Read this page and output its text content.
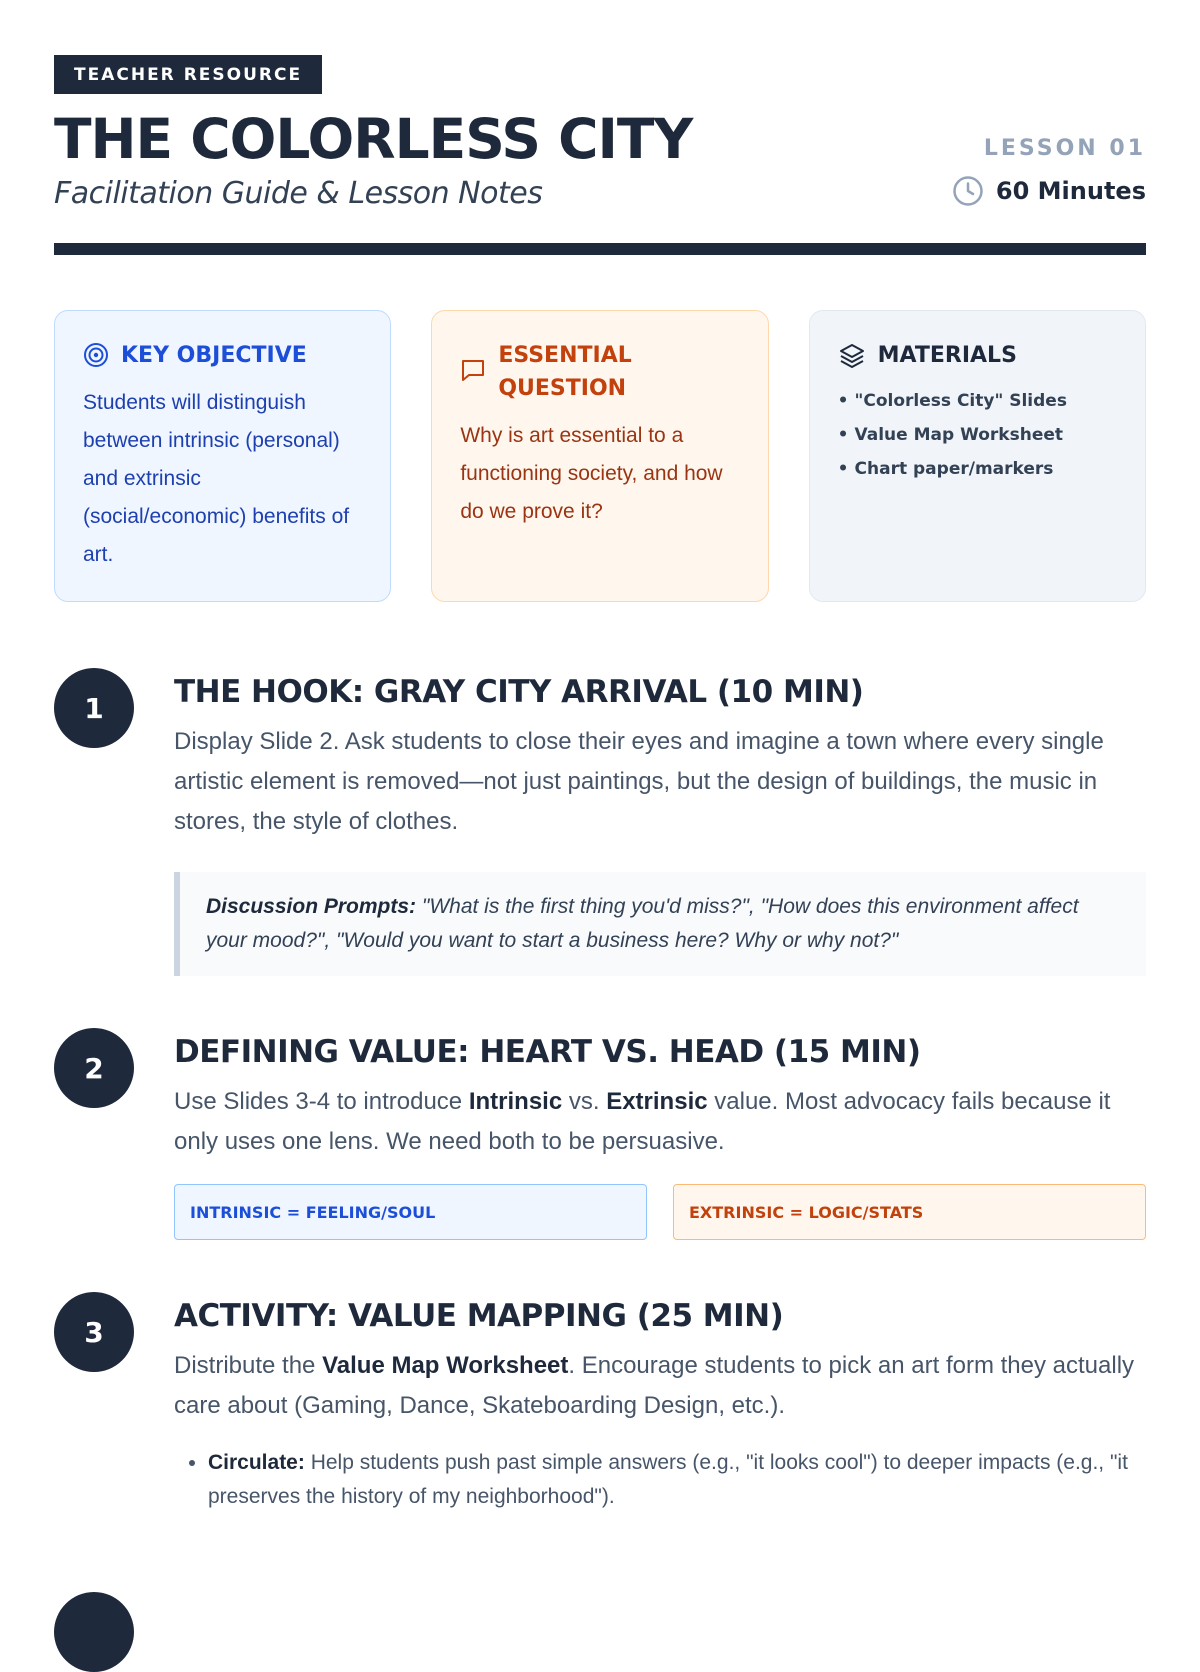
TEACHER RESOURCE
THE COLORLESS CITY
Facilitation Guide & Lesson Notes
LESSON 01
60 Minutes
KEY OBJECTIVE
Students will distinguish between intrinsic (personal) and extrinsic (social/economic) benefits of art.
ESSENTIAL
QUESTION
Why is art essential to a functioning society, and how do we prove it?
MATERIALS
• "Colorless City" Slides
• Value Map Worksheet
• Chart paper/markers
1	THE HOOK: GRAY CITY ARRIVAL (10 MIN)
Display Slide 2. Ask students to close their eyes and imagine a town where every single artistic element is removed—not just paintings, but the design of buildings, the music in stores, the style of clothes.
Discussion Prompts: "What is the first thing you'd miss?", "How does this environment affect your mood?", "Would you want to start a business here? Why or why not?"
2	DEFINING VALUE: HEART VS. HEAD (15 MIN)
Use Slides 3-4 to introduce Intrinsic vs. Extrinsic value. Most advocacy fails because it only uses one lens. We need both to be persuasive.
INTRINSIC = FEELING/SOUL	EXTRINSIC = LOGIC/STATS
3	ACTIVITY: VALUE MAPPING (25 MIN)
Distribute the Value Map Worksheet. Encourage students to pick an art form they actually care about (Gaming, Dance, Skateboarding Design, etc.).
• Circulate: Help students push past simple answers (e.g., "it looks cool") to deeper impacts (e.g., "it preserves the history of my neighborhood").
